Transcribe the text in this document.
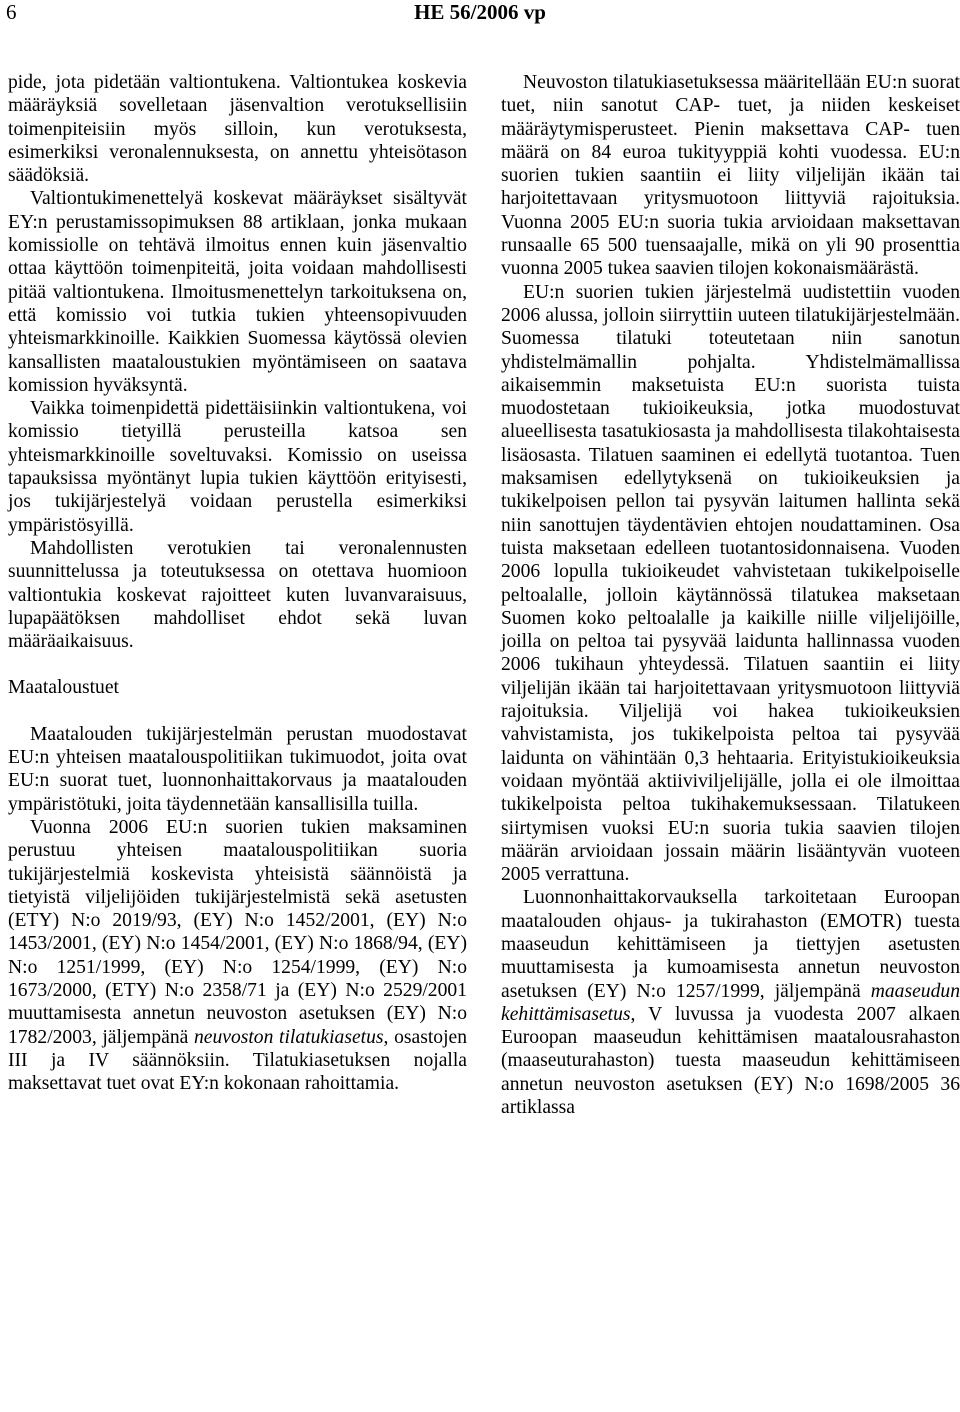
6	HE 56/2006 vp

pide, jota pidetään valtiontukena. Valtiontukea koskevia määräyksiä sovelletaan jäsenvaltion verotuksellisiin toimenpiteisiin myös silloin, kun verotuksesta, esimerkiksi veronalennuksesta, on annettu yhteisötason säädöksiä.

Valtiontukimenettelyä koskevat määräykset sisältyvät EY:n perustamissopimuksen 88 artiklaan, jonka mukaan komissiolle on tehtävä ilmoitus ennen kuin jäsenvaltio ottaa käyttöön toimenpiteitä, joita voidaan mahdollisesti pitää valtiontukena. Ilmoitusmenettelyn tarkoituksena on, että komissio voi tutkia tukien yhteensopivuuden yhteismarkkinoille. Kaikkien Suomessa käytössä olevien kansallisten maataloustukien myöntämiseen on saatava komission hyväksyntä.

Vaikka toimenpidettä pidettäisiinkin valtiontukena, voi komissio tietyillä perusteilla katsoa sen yhteismarkkinoille soveltuvaksi. Komissio on useissa tapauksissa myöntänyt lupia tukien käyttöön erityisesti, jos tukijärjestelyä voidaan perustella esimerkiksi ympäristösyillä.

Mahdollisten verotukien tai veronalennusten suunnittelussa ja toteutuksessa on otettava huomioon valtiontukia koskevat rajoitteet kuten luvanvaraisuus, lupapäätöksen mahdolliset ehdot sekä luvan määräaikaisuus.

Maataloustuet

Maatalouden tukijärjestelmän perustan muodostavat EU:n yhteisen maatalouspolitiikan tukimuodot, joita ovat EU:n suorat tuet, luonnonhaittakorvaus ja maatalouden ympäristötuki, joita täydennetään kansallisilla tuilla.

Vuonna 2006 EU:n suorien tukien maksaminen perustuu yhteisen maatalouspolitiikan suoria tukijärjestelmiä koskevista yhteisistä säännöistä ja tietyistä viljelijöiden tukijärjestelmistä sekä asetusten (ETY) N:o 2019/93, (EY) N:o 1452/2001, (EY) N:o 1453/2001, (EY) N:o 1454/2001, (EY) N:o 1868/94, (EY) N:o 1251/1999, (EY) N:o 1254/1999, (EY) N:o 1673/2000, (ETY) N:o 2358/71 ja (EY) N:o 2529/2001 muuttamisesta annetun neuvoston asetuksen (EY) N:o 1782/2003, jäljempänä neuvoston tilatukiasetus, osastojen III ja IV säännöksiin. Tilatukiasetuksen nojalla maksettavat tuet ovat EY:n kokonaan rahoittamia.

Neuvoston tilatukiasetuksessa määritellään EU:n suorat tuet, niin sanotut CAP- tuet, ja niiden keskeiset määräytymisperusteet. Pienin maksettava CAP- tuen määrä on 84 euroa tukityyppiä kohti vuodessa. EU:n suorien tukien saantiin ei liity viljelijän ikään tai harjoitettavaan yritysmuotoon liittyviä rajoituksia. Vuonna 2005 EU:n suoria tukia arvioidaan maksettavan runsaalle 65 500 tuensaajalle, mikä on yli 90 prosenttia vuonna 2005 tukea saavien tilojen kokonaismäärästä.

EU:n suorien tukien järjestelmä uudistettiin vuoden 2006 alussa, jolloin siirryttiin uuteen tilatukijärjestelmään. Suomessa tilatuki toteutetaan niin sanotun yhdistelmämallin pohjalta. Yhdistelmämallissa aikaisemmin maksetuista EU:n suorista tuista muodostetaan tukioikeuksia, jotka muodostuvat alueellisesta tasatukiosasta ja mahdollisesta tilakohtaisesta lisäosasta. Tilatuen saaminen ei edellytä tuotantoa. Tuen maksamisen edellytyksenä on tukioikeuksien ja tukikelpoisen pellon tai pysyvän laitumen hallinta sekä niin sanottujen täydentävien ehtojen noudattaminen. Osa tuista maksetaan edelleen tuotantosidonnaisena. Vuoden 2006 lopulla tukioikeudet vahvistetaan tukikelpoiselle peltoalalle, jolloin käytännössä tilatukea maksetaan Suomen koko peltoalalle ja kaikille niille viljelijöille, joilla on peltoa tai pysyvää laidunta hallinnassa vuoden 2006 tukihaun yhteydessä. Tilatuen saantiin ei liity viljelijän ikään tai harjoitettavaan yritysmuotoon liittyviä rajoituksia. Viljelijä voi hakea tukioikeuksien vahvistamista, jos tukikelpoista peltoa tai pysyvää laidunta on vähintään 0,3 hehtaaria. Erityistukioikeuksia voidaan myöntää aktiiviviljelijälle, jolla ei ole ilmoittaa tukikelpoista peltoa tukihakemuksessaan. Tilatukeen siirtymisen vuoksi EU:n suoria tukia saavien tilojen määrän arvioidaan jossain määrin lisääntyvän vuoteen 2005 verrattuna.

Luonnonhaittakorvauksella tarkoitetaan Euroopan maatalouden ohjaus- ja tukirahaston (EMOTR) tuesta maaseudun kehittämiseen ja tiettyjen asetusten muuttamisesta ja kumoamisesta annetun neuvoston asetuksen (EY) N:o 1257/1999, jäljempänä maaseudun kehittämisasetus, V luvussa ja vuodesta 2007 alkaen Euroopan maaseudun kehittämisen maatalousrahaston (maaseuturahaston) tuesta maaseudun kehittämiseen annetun neuvoston asetuksen (EY) N:o 1698/2005 36 artiklassa
